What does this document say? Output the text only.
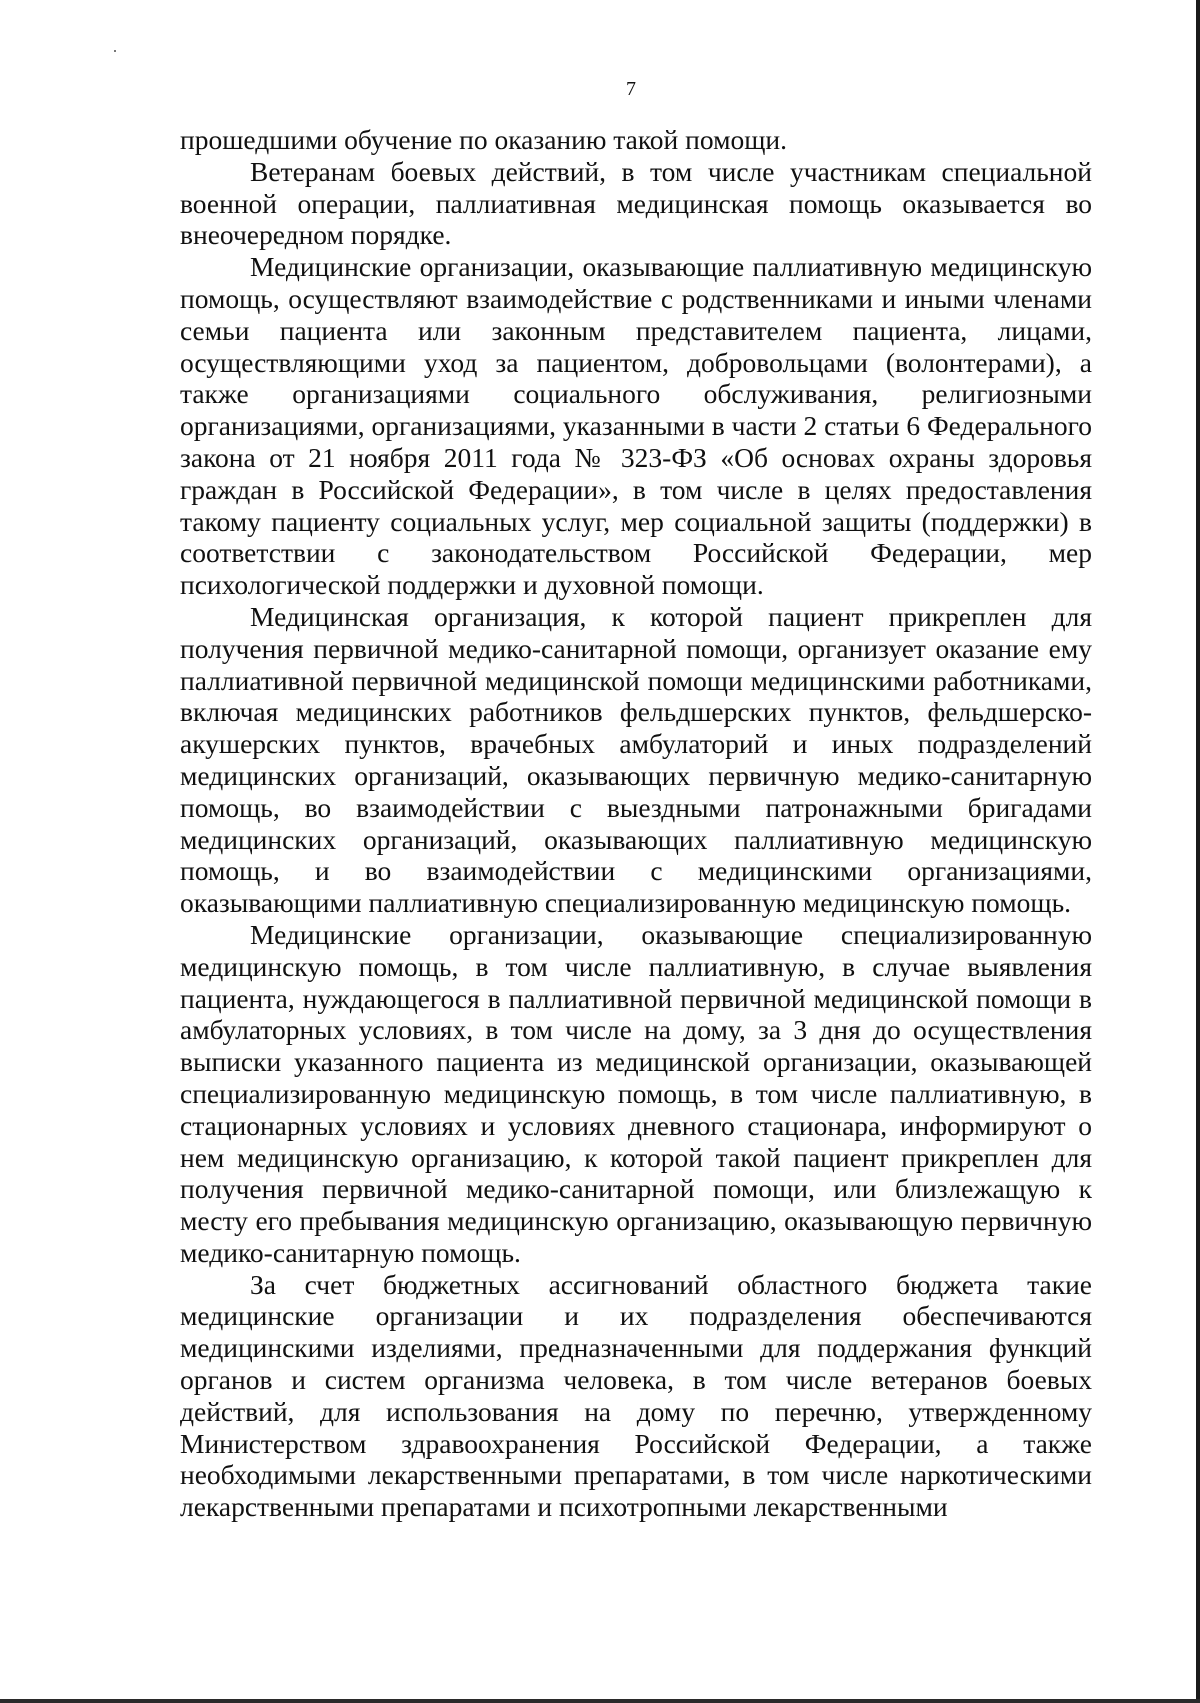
7

прошедшими обучение по оказанию такой помощи.

Ветеранам боевых действий, в том числе участникам специальной военной операции, паллиативная медицинская помощь оказывается во внеочередном порядке.

Медицинские организации, оказывающие паллиативную медицинскую помощь, осуществляют взаимодействие с родственниками и иными членами семьи пациента или законным представителем пациента, лицами, осуществляющими уход за пациентом, добровольцами (волонтерами), а также организациями социального обслуживания, религиозными организациями, организациями, указанными в части 2 статьи 6 Федерального закона от 21 ноября 2011 года № 323-ФЗ «Об основах охраны здоровья граждан в Российской Федерации», в том числе в целях предоставления такому пациенту социальных услуг, мер социальной защиты (поддержки) в соответствии с законодательством Российской Федерации, мер психологической поддержки и духовной помощи.

Медицинская организация, к которой пациент прикреплен для получения первичной медико-санитарной помощи, организует оказание ему паллиативной первичной медицинской помощи медицинскими работниками, включая медицинских работников фельдшерских пунктов, фельдшерско-акушерских пунктов, врачебных амбулаторий и иных подразделений медицинских организаций, оказывающих первичную медико-санитарную помощь, во взаимодействии с выездными патронажными бригадами медицинских организаций, оказывающих паллиативную медицинскую помощь, и во взаимодействии с медицинскими организациями, оказывающими паллиативную специализированную медицинскую помощь.

Медицинские организации, оказывающие специализированную медицинскую помощь, в том числе паллиативную, в случае выявления пациента, нуждающегося в паллиативной первичной медицинской помощи в амбулаторных условиях, в том числе на дому, за 3 дня до осуществления выписки указанного пациента из медицинской организации, оказывающей специализированную медицинскую помощь, в том числе паллиативную, в стационарных условиях и условиях дневного стационара, информируют о нем медицинскую организацию, к которой такой пациент прикреплен для получения первичной медико-санитарной помощи, или близлежащую к месту его пребывания медицинскую организацию, оказывающую первичную медико-санитарную помощь.

За счет бюджетных ассигнований областного бюджета такие медицинские организации и их подразделения обеспечиваются медицинскими изделиями, предназначенными для поддержания функций органов и систем организма человека, в том числе ветеранов боевых действий, для использования на дому по перечню, утвержденному Министерством здравоохранения Российской Федерации, а также необходимыми лекарственными препаратами, в том числе наркотическими лекарственными препаратами и психотропными лекарственными
